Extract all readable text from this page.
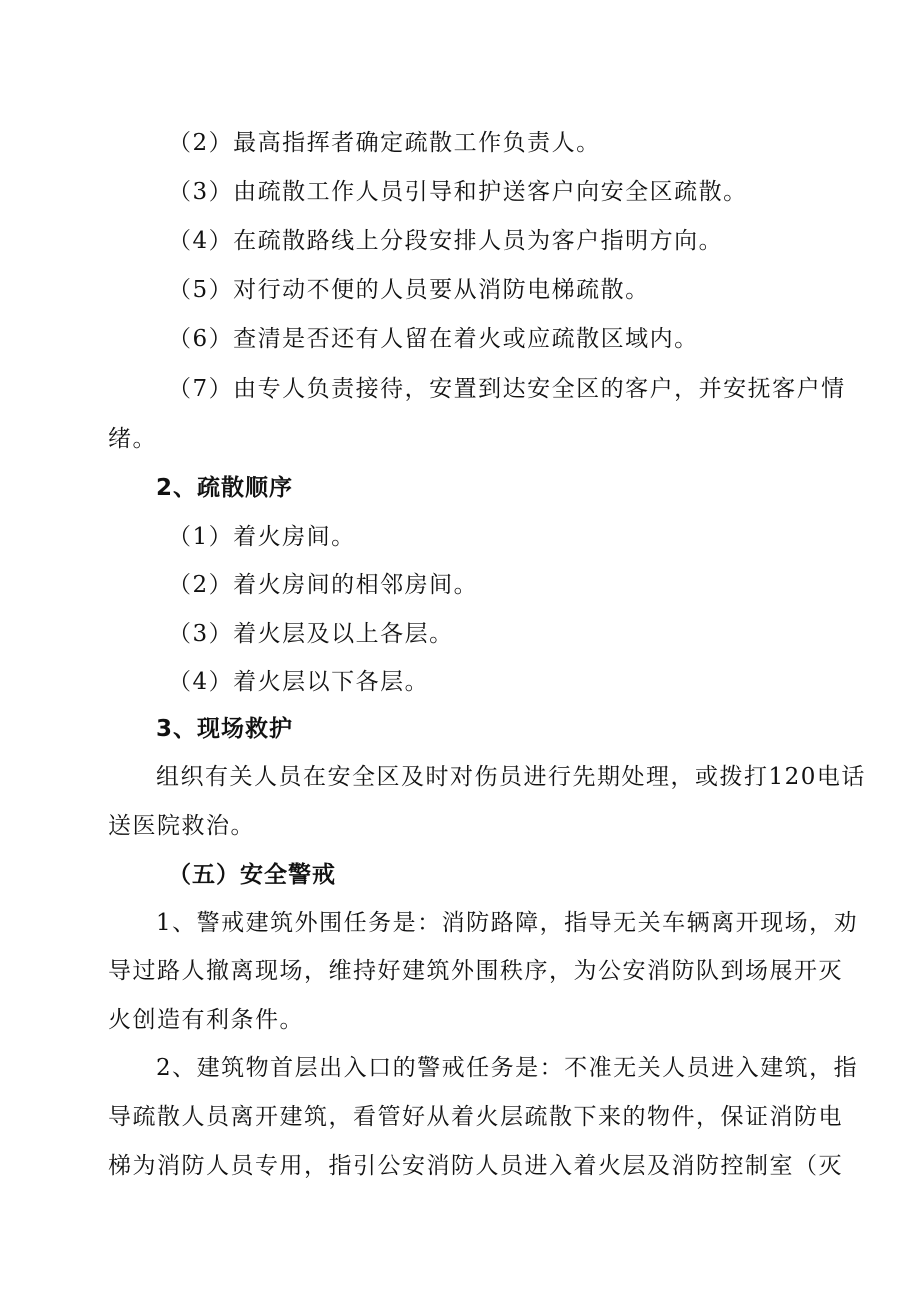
（2）最高指挥者确定疏散工作负责人。

（3）由疏散工作人员引导和护送客户向安全区疏散。

（4）在疏散路线上分段安排人员为客户指明方向。

（5）对行动不便的人员要从消防电梯疏散。

（6）查清是否还有人留在着火或应疏散区域内。

（7）由专人负责接待，安置到达安全区的客户，并安抚客户情

绪。

2、疏散顺序

（1）着火房间。

（2）着火房间的相邻房间。

（3）着火层及以上各层。

（4）着火层以下各层。

3、现场救护

组织有关人员在安全区及时对伤员进行先期处理，或拨打120电话

送医院救治。

（五）安全警戒

1、警戒建筑外围任务是：消防路障，指导无关车辆离开现场，劝

导过路人撤离现场，维持好建筑外围秩序，为公安消防队到场展开灭

火创造有利条件。

2、建筑物首层出入口的警戒任务是：不准无关人员进入建筑，指

导疏散人员离开建筑，看管好从着火层疏散下来的物件，保证消防电

梯为消防人员专用，指引公安消防人员进入着火层及消防控制室（灭
